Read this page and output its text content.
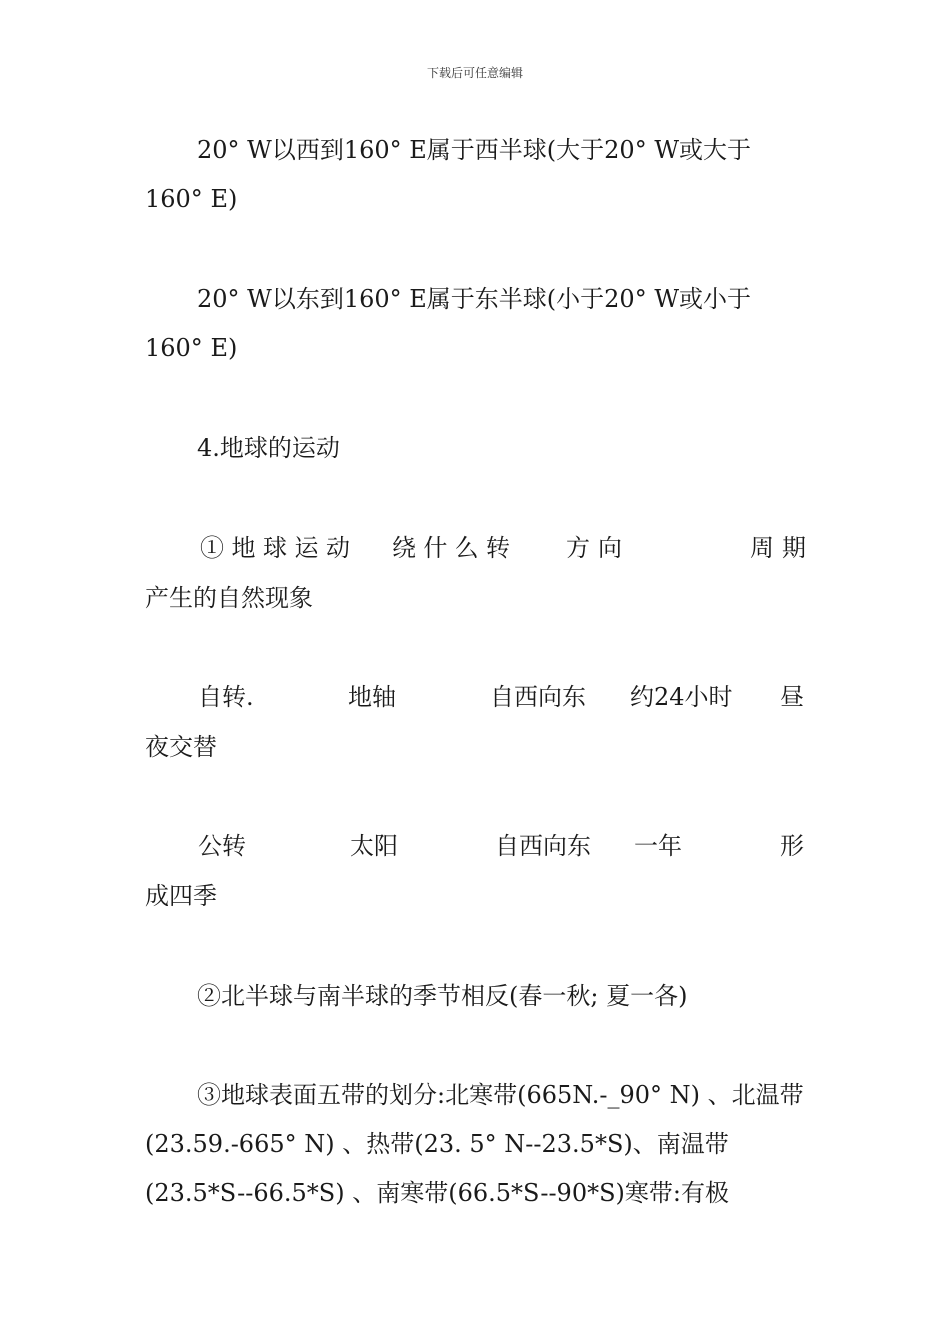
下载后可任意编辑

20° W以西到160° E属于西半球(大于20° W或大于160° E)

20° W以东到160° E属于东半球(小于20° W或小于160° E)

4.地球的运动

①地球运动 绕什么转 方向	周期
产生的自然现象
自转.	地轴	自西向东 约24小时 昼
夜交替
公转	太阳	自西向东 一年	形
成四季

②北半球与南半球的季节相反(春一秋; 夏一各)

③地球表面五带的划分:北寒带(665N.-_90° N) 、北温带(23.59.-665° N) 、热带(23. 5° N--23.5*S)、南温带(23.5*S--66.5*S) 、南寒带(66.5*S--90*S)寒带:有极
